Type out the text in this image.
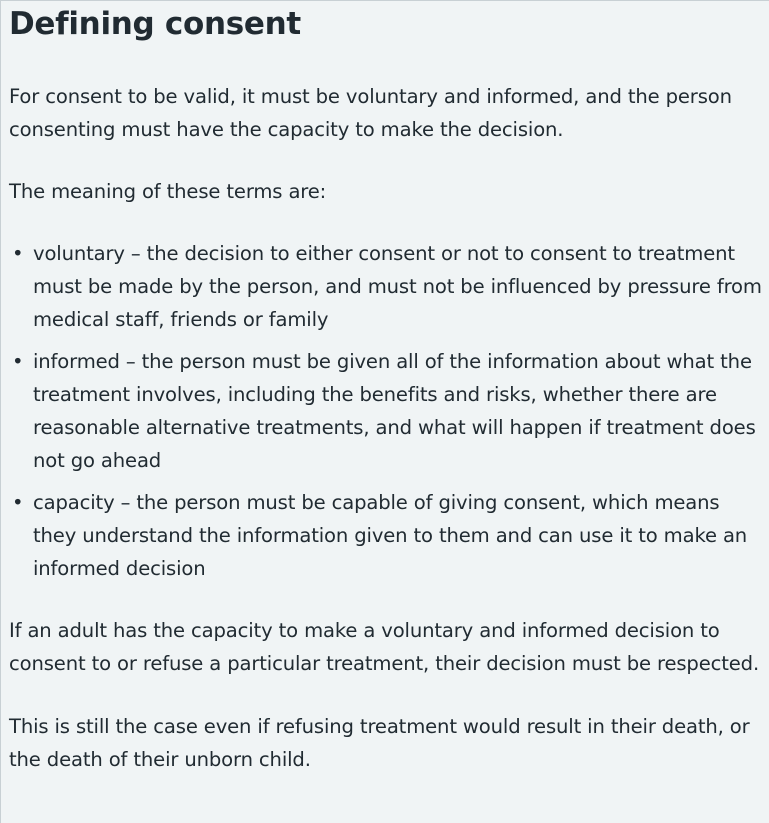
Defining consent

For consent to be valid, it must be voluntary and informed, and the person consenting must have the capacity to make the decision.

The meaning of these terms are:

• voluntary – the decision to either consent or not to consent to treatment must be made by the person, and must not be influenced by pressure from medical staff, friends or family
• informed – the person must be given all of the information about what the treatment involves, including the benefits and risks, whether there are reasonable alternative treatments, and what will happen if treatment does not go ahead
• capacity – the person must be capable of giving consent, which means they understand the information given to them and can use it to make an informed decision

If an adult has the capacity to make a voluntary and informed decision to consent to or refuse a particular treatment, their decision must be respected.

This is still the case even if refusing treatment would result in their death, or the death of their unborn child.
